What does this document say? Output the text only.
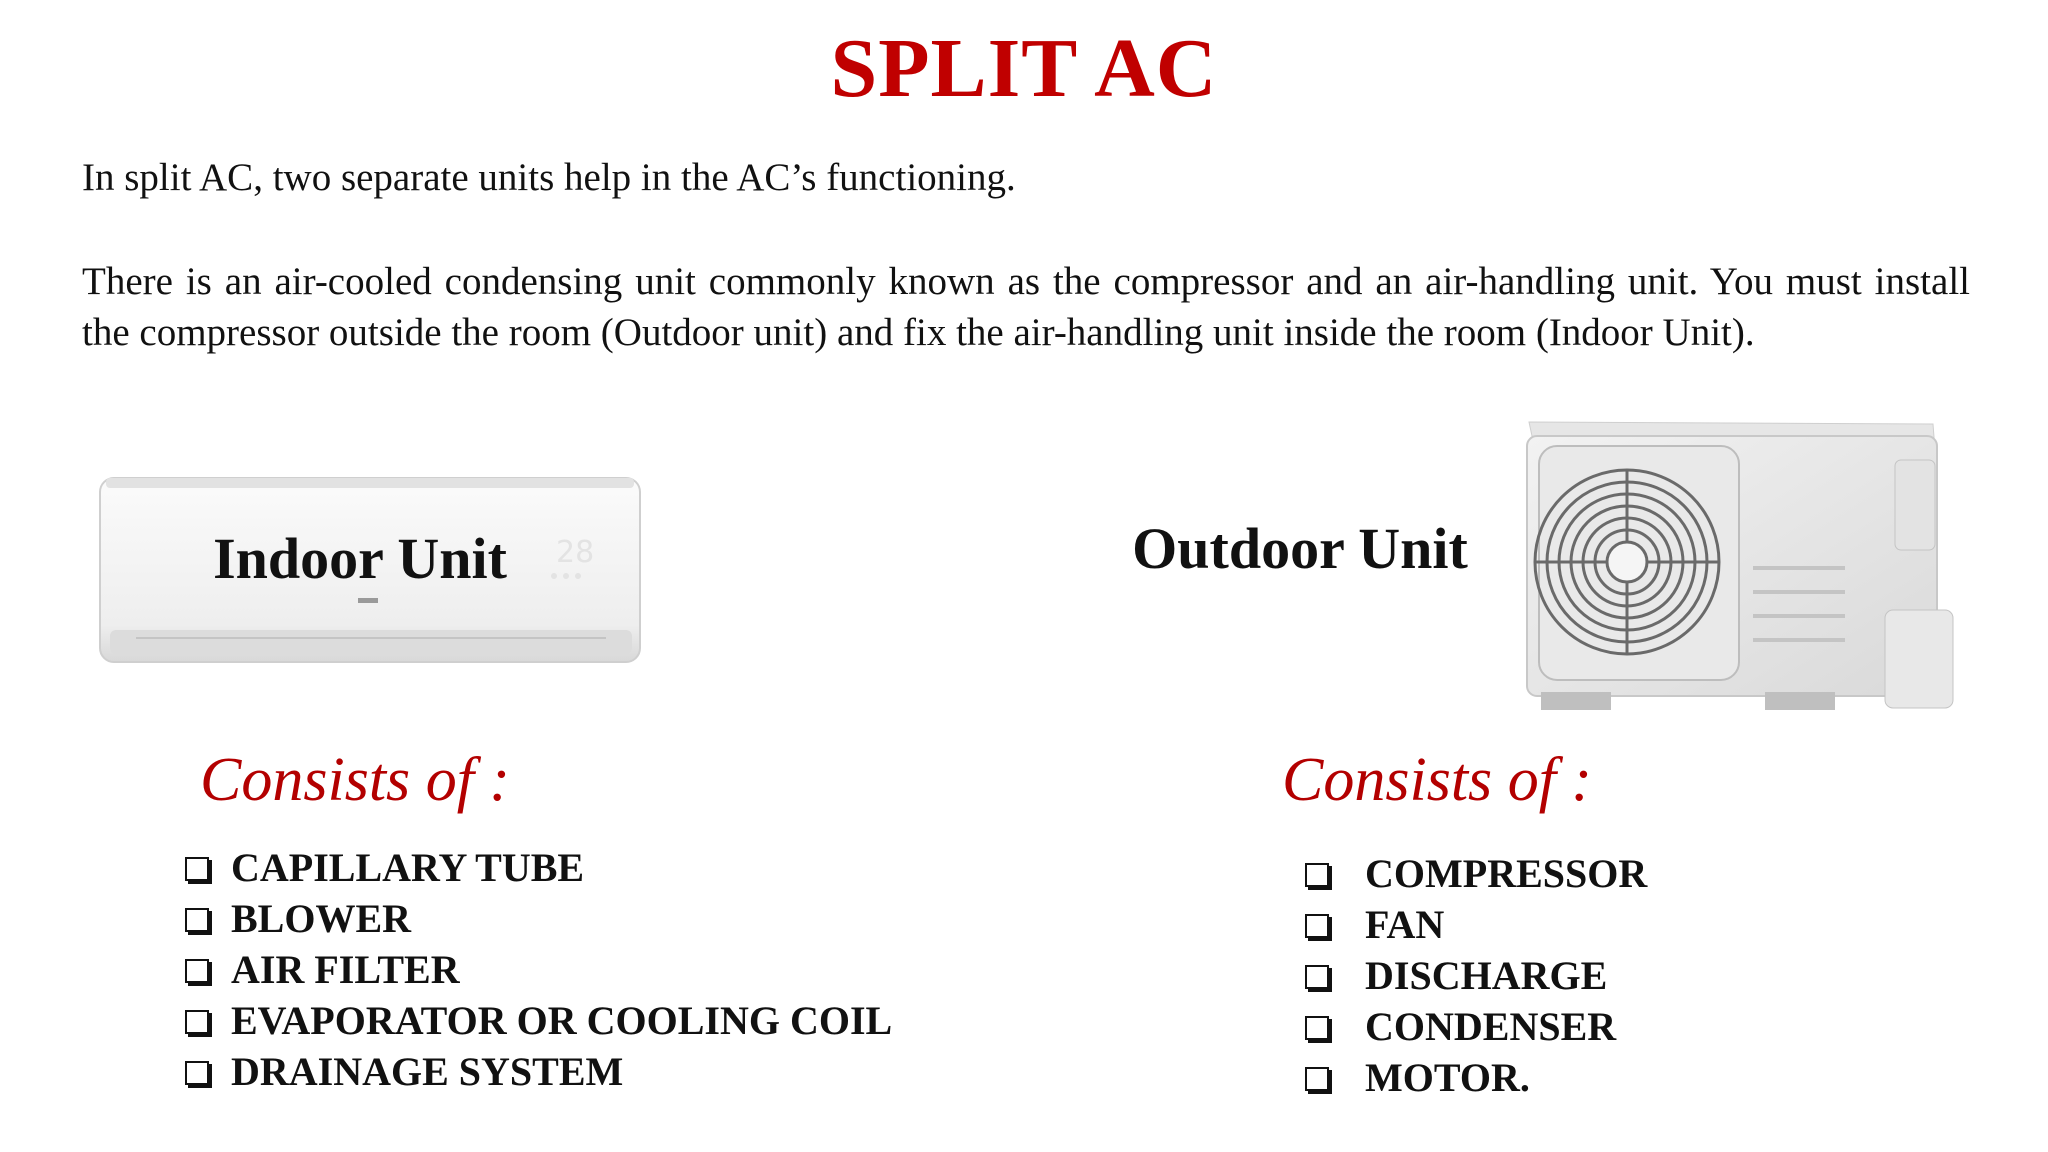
SPLIT AC
In split AC, two separate units help in the AC’s functioning.
There is an air-cooled condensing unit commonly known as the compressor and an air-handling unit. You must install the compressor outside the room (Outdoor unit) and fix the air-handling unit inside the room (Indoor Unit).
28
Indoor Unit	Outdoor Unit
Consists of :	Consists of :
CAPILLARY TUBE
BLOWER
AIR FILTER
EVAPORATOR OR COOLING COIL
DRAINAGE SYSTEM
COMPRESSOR
FAN
DISCHARGE
CONDENSER
MOTOR.
